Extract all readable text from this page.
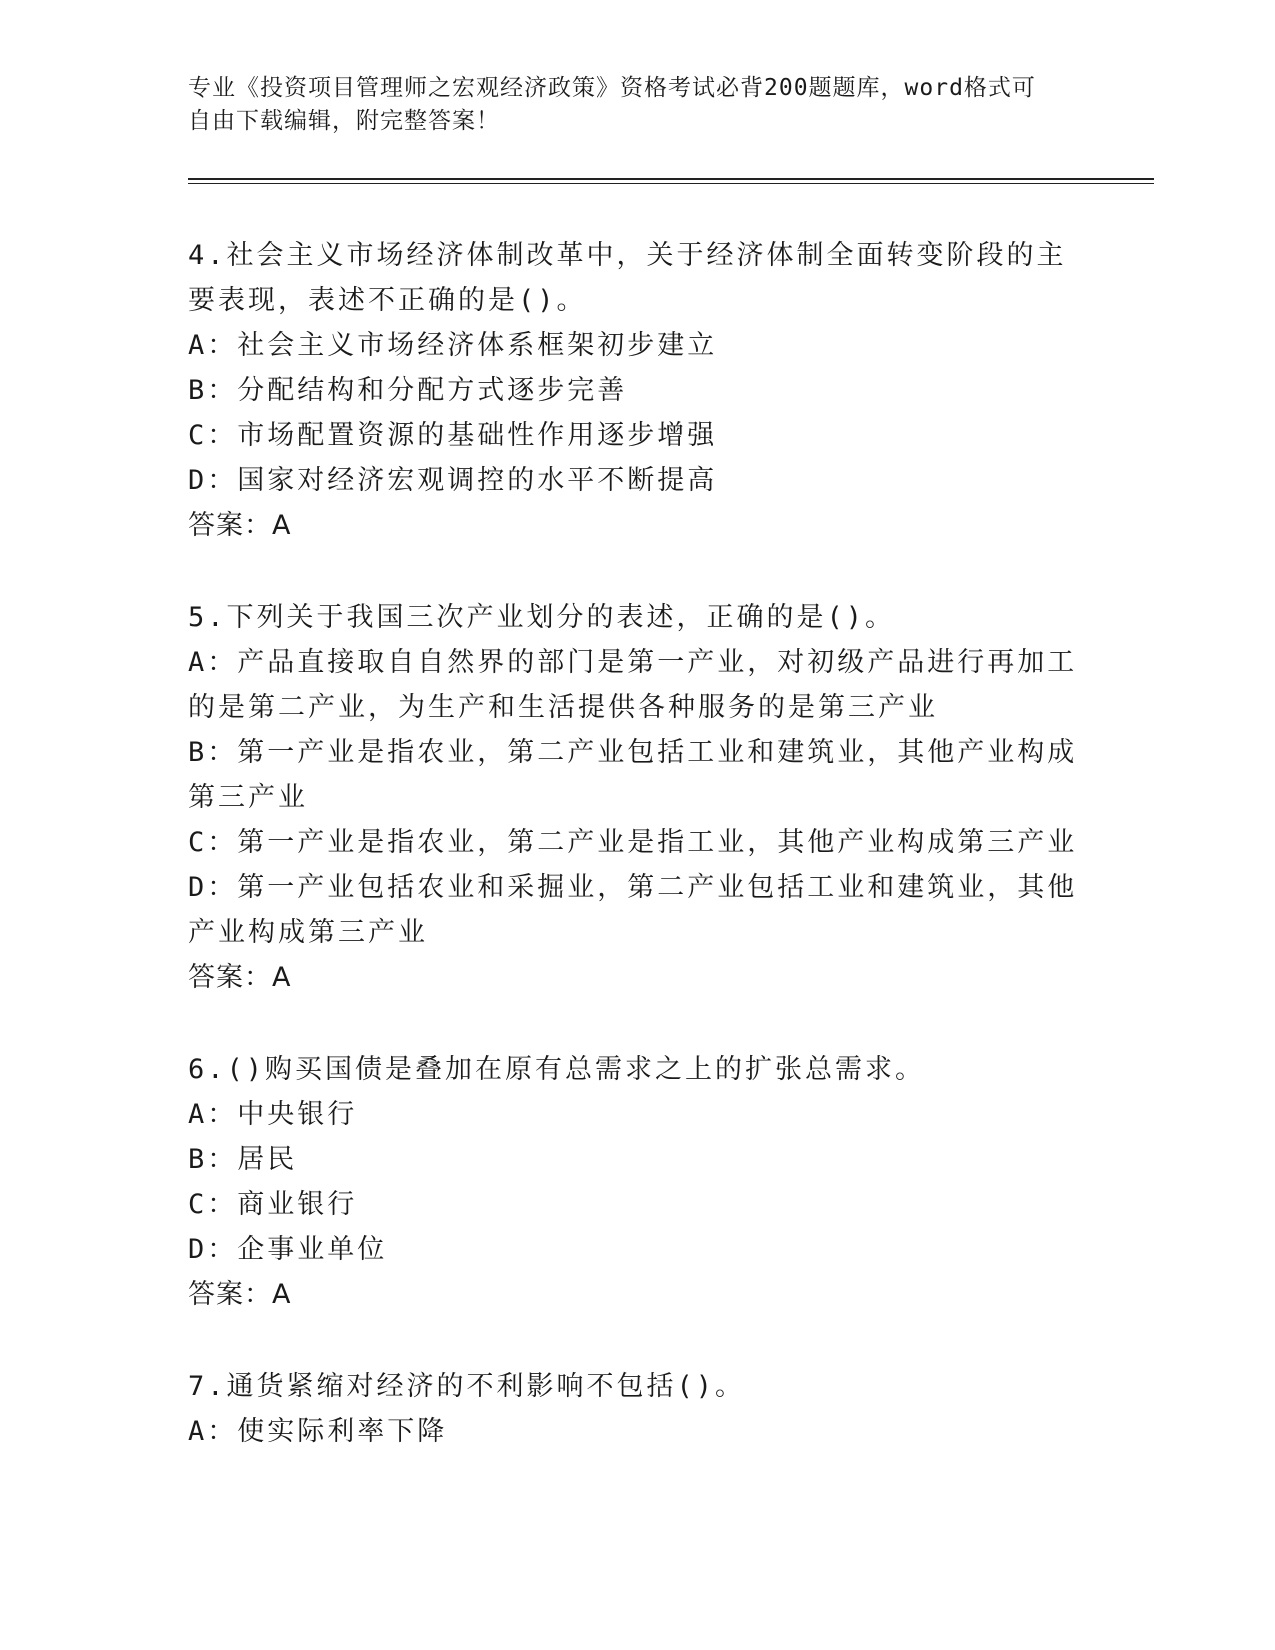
专业《投资项目管理师之宏观经济政策》资格考试必背200题题库，word格式可
自由下载编辑，附完整答案！

4.社会主义市场经济体制改革中，关于经济体制全面转变阶段的主要表现，表述不正确的是()。

A：社会主义市场经济体系框架初步建立

B：分配结构和分配方式逐步完善

C：市场配置资源的基础性作用逐步增强

D：国家对经济宏观调控的水平不断提高

答案：A

5.下列关于我国三次产业划分的表述，正确的是()。

A：产品直接取自自然界的部门是第一产业，对初级产品进行再加工的是第二产业，为生产和生活提供各种服务的是第三产业

B：第一产业是指农业，第二产业包括工业和建筑业，其他产业构成第三产业

C：第一产业是指农业，第二产业是指工业，其他产业构成第三产业

D：第一产业包括农业和采掘业，第二产业包括工业和建筑业，其他产业构成第三产业

答案：A

6.()购买国债是叠加在原有总需求之上的扩张总需求。

A：中央银行

B：居民

C：商业银行

D：企事业单位

答案：A

7.通货紧缩对经济的不利影响不包括()。

A：使实际利率下降
